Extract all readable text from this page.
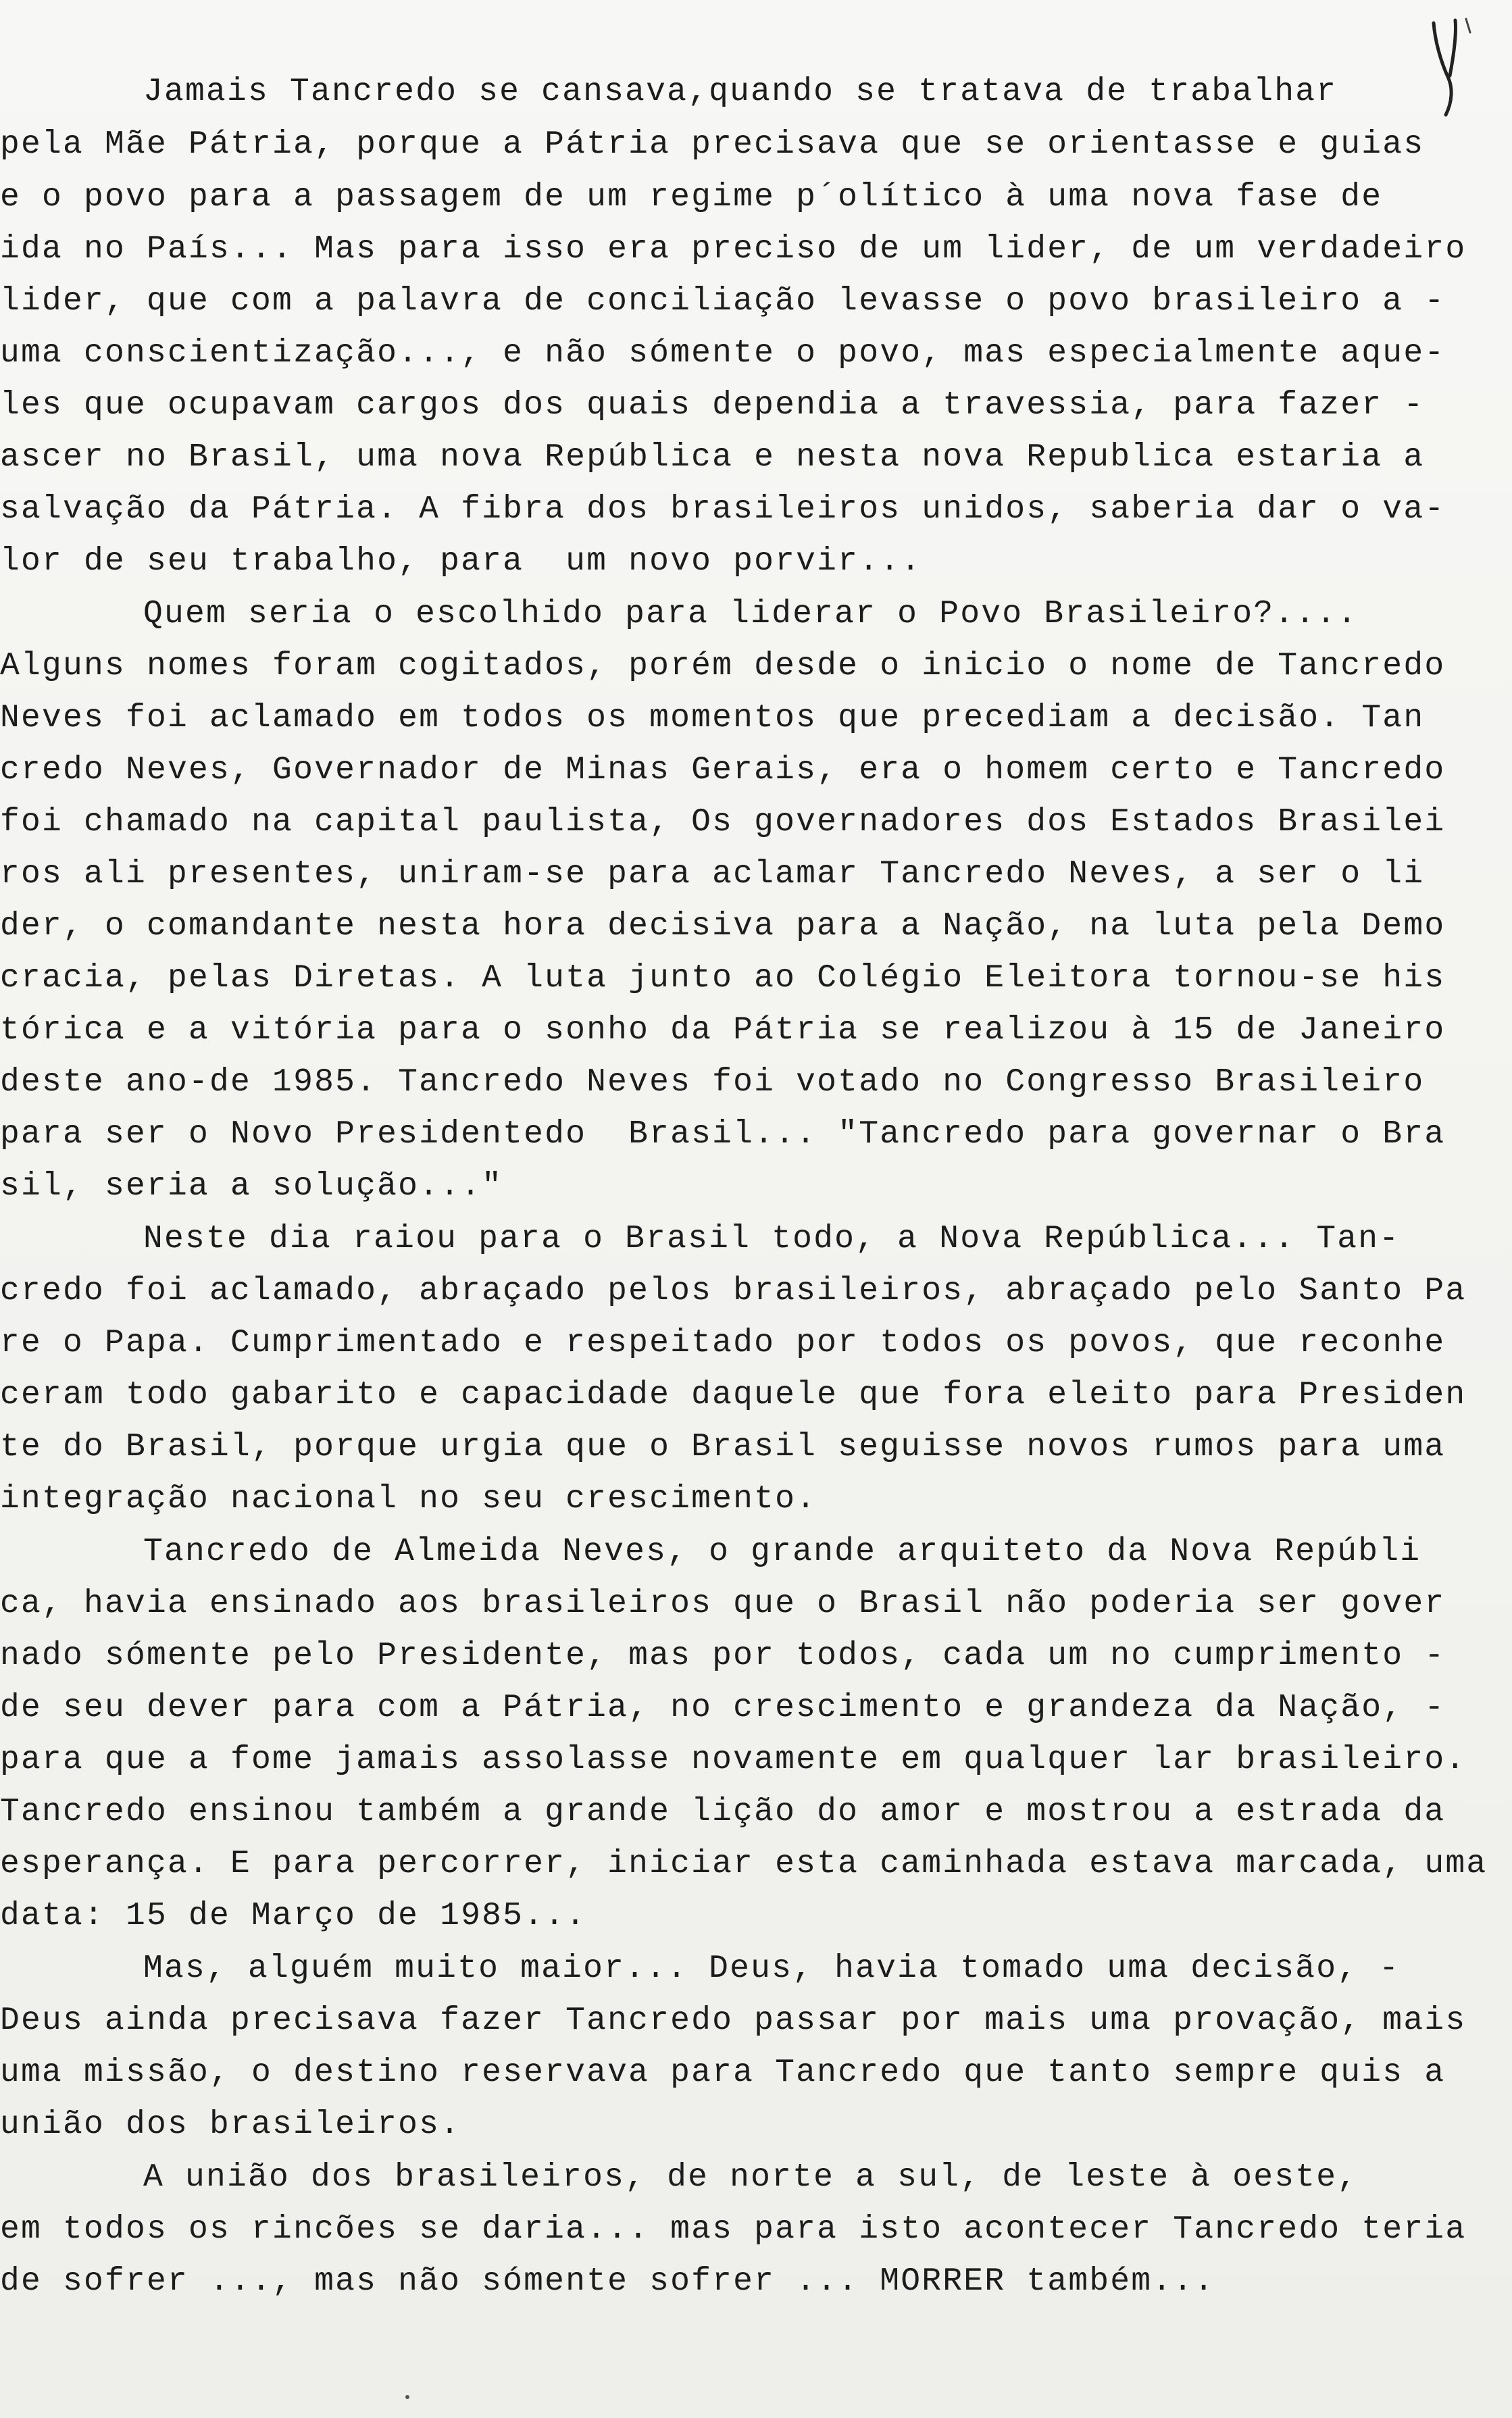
Jamais Tancredo se cansava,quando se tratava de trabalhar
pela Mãe Pátria, porque a Pátria precisava que se orientasse e guias
e o povo para a passagem de um regime p´olítico à uma nova fase de
ida no País... Mas para isso era preciso de um lider, de um verdadeiro
lider, que com a palavra de conciliação levasse o povo brasileiro a -
uma conscientização..., e não sómente o povo, mas especialmente aque-
les que ocupavam cargos dos quais dependia a travessia, para fazer -
ascer no Brasil, uma nova República e nesta nova Republica estaria a
salvação da Pátria. A fibra dos brasileiros unidos, saberia dar o va-
lor de seu trabalho, para  um novo porvir...
Quem seria o escolhido para liderar o Povo Brasileiro?....
Alguns nomes foram cogitados, porém desde o inicio o nome de Tancredo
Neves foi aclamado em todos os momentos que precediam a decisão. Tan
credo Neves, Governador de Minas Gerais, era o homem certo e Tancredo
foi chamado na capital paulista, Os governadores dos Estados Brasilei
ros ali presentes, uniram-se para aclamar Tancredo Neves, a ser o li
der, o comandante nesta hora decisiva para a Nação, na luta pela Demo
cracia, pelas Diretas. A luta junto ao Colégio Eleitora tornou-se his
tórica e a vitória para o sonho da Pátria se realizou à 15 de Janeiro
deste ano-de 1985. Tancredo Neves foi votado no Congresso Brasileiro
para ser o Novo Presidentedo  Brasil... "Tancredo para governar o Bra
sil, seria a solução..."
Neste dia raiou para o Brasil todo, a Nova República... Tan-
credo foi aclamado, abraçado pelos brasileiros, abraçado pelo Santo Pa
re o Papa. Cumprimentado e respeitado por todos os povos, que reconhe
ceram todo gabarito e capacidade daquele que fora eleito para Presiden
te do Brasil, porque urgia que o Brasil seguisse novos rumos para uma
integração nacional no seu crescimento.
Tancredo de Almeida Neves, o grande arquiteto da Nova Repúbli
ca, havia ensinado aos brasileiros que o Brasil não poderia ser gover
nado sómente pelo Presidente, mas por todos, cada um no cumprimento -
de seu dever para com a Pátria, no crescimento e grandeza da Nação, -
para que a fome jamais assolasse novamente em qualquer lar brasileiro.
Tancredo ensinou também a grande lição do amor e mostrou a estrada da
esperança. E para percorrer, iniciar esta caminhada estava marcada, uma
data: 15 de Março de 1985...
Mas, alguém muito maior... Deus, havia tomado uma decisão, -
Deus ainda precisava fazer Tancredo passar por mais uma provação, mais
uma missão, o destino reservava para Tancredo que tanto sempre quis a
união dos brasileiros.
A união dos brasileiros, de norte a sul, de leste à oeste,
em todos os rincões se daria... mas para isto acontecer Tancredo teria
de sofrer ..., mas não sómente sofrer ... MORRER também...
